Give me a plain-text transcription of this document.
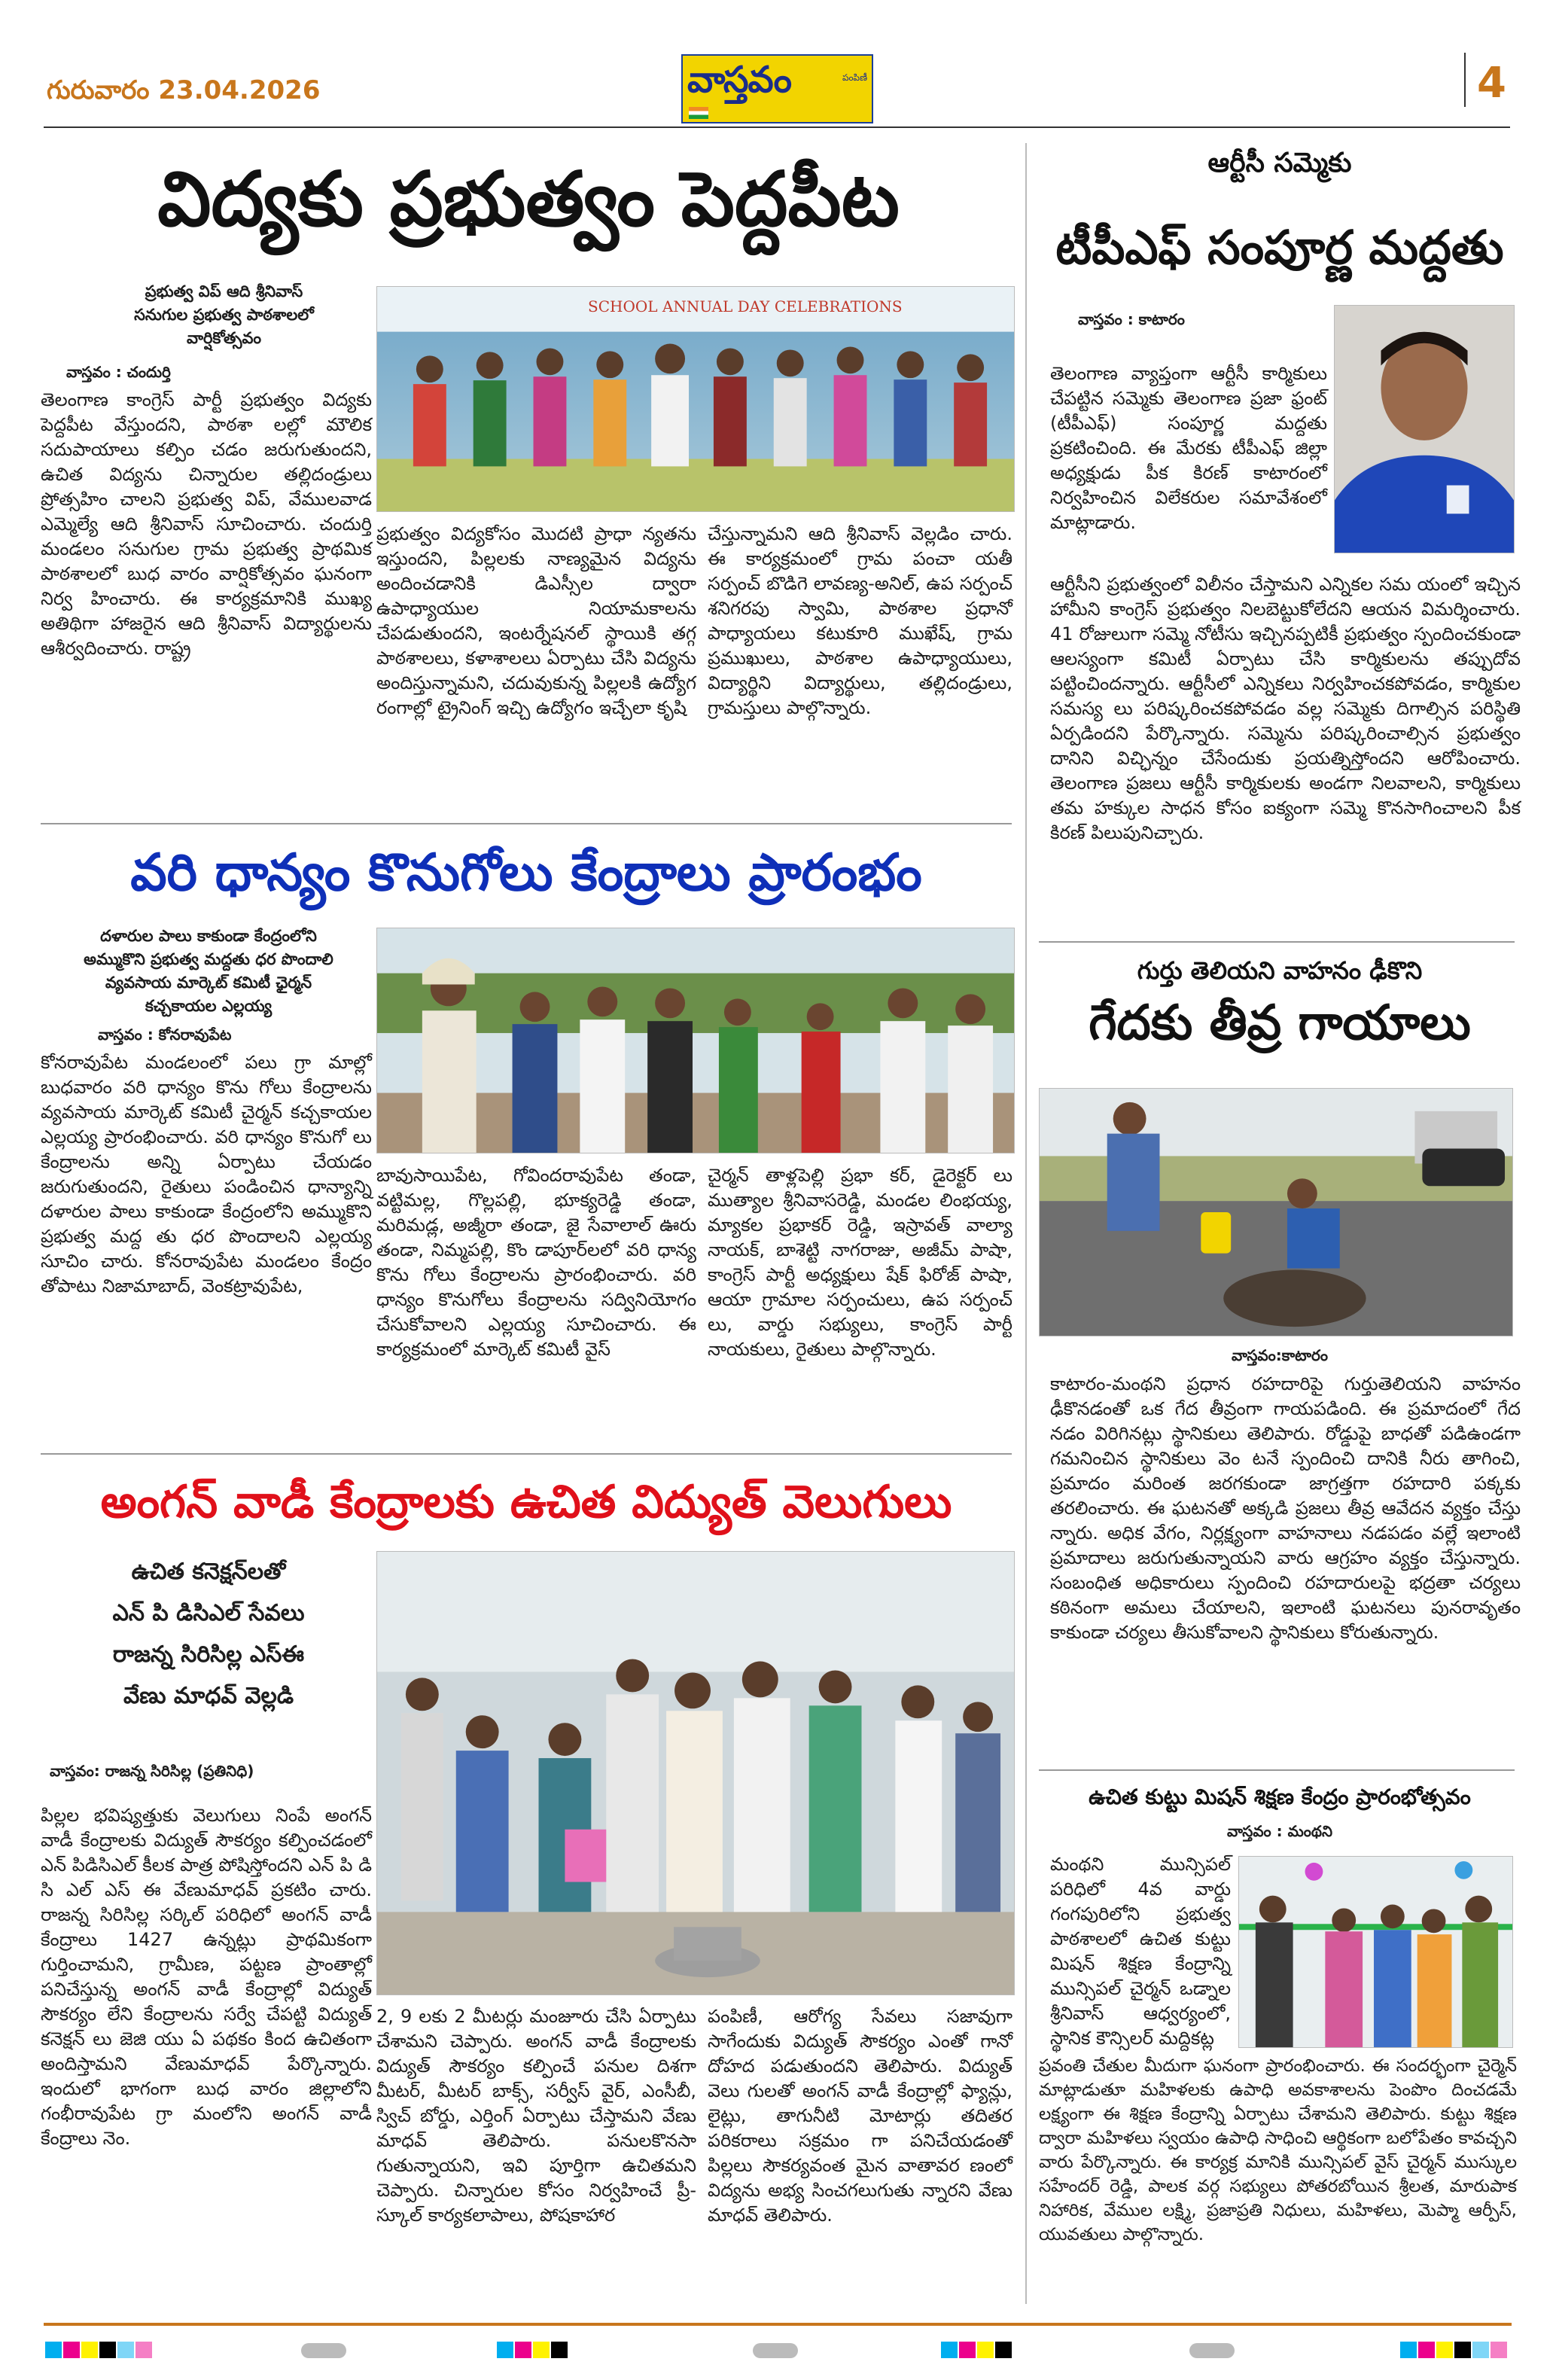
గురువారం 23.04.2026	వాస్తవం	పంపిణీ	4
విద్యకు ప్రభుత్వం పెద్దపీట
ప్రభుత్వ విప్ ఆది శ్రీనివాస్
సనుగుల ప్రభుత్వ పాఠశాలలో
వార్షికోత్సవం
వాస్తవం : చందుర్తి
SCHOOL ANNUAL DAY CELEBRATIONS
తెలంగాణ కాంగ్రెస్ పార్టీ ప్రభుత్వం విద్యకు పెద్దపీట వేస్తుందని, పాఠశా లల్లో మౌలిక సదుపాయాలు కల్పిం చడం జరుగుతుందని, ఉచిత విద్యను చిన్నారుల తల్లిదండ్రులు ప్రోత్సహిం చాలని ప్రభుత్వ విప్, వేములవాడ ఎమ్మెల్యే ఆది శ్రీనివాస్ సూచించారు. చందుర్తి మండలం సనుగుల గ్రామ ప్రభుత్వ ప్రాథమిక పాఠశాలలో బుధ వారం వార్షికోత్సవం ఘనంగా నిర్వ హించారు. ఈ కార్యక్రమానికి ముఖ్య అతిథిగా హాజరైన ఆది శ్రీనివాస్ విద్యార్థులను ఆశీర్వదించారు. రాష్ట్ర
ప్రభుత్వం విద్యకోసం మొదటి ప్రాధా న్యతను ఇస్తుందని, పిల్లలకు నాణ్యమైన విద్యను అందించడానికి డిఎస్సీల ద్వారా ఉపాధ్యాయుల నియామకాలను చేపడుతుందని, ఇంటర్నేషనల్ స్థాయికి తగ్గ పాఠశాలలు, కళాశాలలు ఏర్పాటు చేసి విద్యను అందిస్తున్నామని, చదువుకున్న పిల్లలకి ఉద్యోగ రంగాల్లో ట్రైనింగ్ ఇచ్చి ఉద్యోగం ఇచ్చేలా కృషి
చేస్తున్నామని ఆది శ్రీనివాస్ వెల్లడిం చారు. ఈ కార్యక్రమంలో గ్రామ పంచా యతీ సర్పంచ్ బొడిగె లావణ్య-అనిల్, ఉప సర్పంచ్ శనిగరపు స్వామి, పాఠశాల ప్రధానో పాధ్యాయలు కటుకూరి ముఖేష్, గ్రామ ప్రముఖులు, పాఠశాల ఉపాధ్యాయులు, విద్యార్థిని విద్యార్థులు, తల్లిదండ్రులు, గ్రామస్తులు పాల్గొన్నారు.
ఆర్టీసీ సమ్మెకు
టీపీఎఫ్ సంపూర్ణ మద్దతు
వాస్తవం : కాటారం
తెలంగాణ వ్యాప్తంగా ఆర్టీసీ కార్మికులు చేపట్టిన సమ్మెకు తెలంగాణ ప్రజా ఫ్రంట్ (టీపీఎఫ్) సంపూర్ణ మద్దతు ప్రకటించింది. ఈ మేరకు టీపీఎఫ్ జిల్లా అధ్యక్షుడు పీక కిరణ్ కాటారంలో నిర్వహించిన విలేకరుల సమావేశంలో మాట్లాడారు.
ఆర్టీసీని ప్రభుత్వంలో విలీనం చేస్తామని ఎన్నికల సమ యంలో ఇచ్చిన హామీని కాంగ్రెస్ ప్రభుత్వం నిలబెట్టుకోలేదని ఆయన విమర్శించారు. 41 రోజులుగా సమ్మె నోటీసు ఇచ్చినప్పటికీ ప్రభుత్వం స్పందించకుండా ఆలస్యంగా కమిటీ ఏర్పాటు చేసి కార్మికులను తప్పుదోవ పట్టించిందన్నారు. ఆర్టీసీలో ఎన్నికలు నిర్వహించకపోవడం, కార్మికుల సమస్య లు పరిష్కరించకపోవడం వల్ల సమ్మెకు దిగాల్సిన పరిస్థితి ఏర్పడిందని పేర్కొన్నారు. సమ్మెను పరిష్కరించాల్సిన ప్రభుత్వం దానిని విచ్ఛిన్నం చేసేందుకు ప్రయత్నిస్తోందని ఆరోపించారు. తెలంగాణ ప్రజలు ఆర్టీసీ కార్మికులకు అండగా నిలవాలని, కార్మికులు తమ హక్కుల సాధన కోసం ఐక్యంగా సమ్మె కొనసాగించాలని పీక కిరణ్ పిలుపునిచ్చారు.
వరి ధాన్యం కొనుగోలు కేంద్రాలు ప్రారంభం
దళారుల పాలు కాకుండా కేంద్రంలోని
అమ్ముకొని ప్రభుత్వ మద్దతు ధర పొందాలి
వ్యవసాయ మార్కెట్ కమిటీ ఛైర్మన్
కచ్చకాయల ఎల్లయ్య
వాస్తవం : కోనరావుపేట
కోనరావుపేట మండలంలో పలు గ్రా మాల్లో బుధవారం వరి ధాన్యం కొను గోలు కేంద్రాలను వ్యవసాయ మార్కెట్ కమిటీ చైర్మన్ కచ్చకాయల ఎల్లయ్య ప్రారంభించారు. వరి ధాన్యం కొనుగో లు కేంద్రాలను అన్ని ఏర్పాటు చేయడం జరుగుతుందని, రైతులు పండించిన ధాన్యాన్ని దళారుల పాలు కాకుండా కేంద్రంలోని అమ్ముకొని ప్రభుత్వ మద్ద తు ధర పొందాలని ఎల్లయ్య సూచిం చారు. కోనరావుపేట మండలం కేంద్రం తోపాటు నిజామాబాద్, వెంకట్రావుపేట,
బావుసాయిపేట, గోవిందరావుపేట తండా, వట్టిమల్ల, గొల్లపల్లి, భూక్యరెడ్డి తండా, మరిమడ్ల, అజ్మీరా తండా, జై సేవాలాల్ ఊరు తండా, నిమ్మపల్లి, కొం డాపూర్‌లలో వరి ధాన్య కొను గోలు కేంద్రాలను ప్రారంభించారు. వరి ధాన్యం కొనుగోలు కేంద్రాలను సద్వినియోగం చేసుకోవాలని ఎల్లయ్య సూచించారు. ఈ కార్యక్రమంలో మార్కెట్ కమిటీ వైస్
చైర్మన్ తాళ్లపెల్లి ప్రభా కర్, డైరెక్టర్ లు ముత్యాల శ్రీనివాసరెడ్డి, మండల లింభయ్య, మ్యాకల ప్రభాకర్ రెడ్డి, ఇస్రావత్ వాల్యా నాయక్, బాశెట్టి నాగరాజు, అజీమ్ పాషా, కాంగ్రెస్ పార్టీ అధ్యక్షులు షేక్ ఫిరోజ్ పాషా, ఆయా గ్రామాల సర్పంచులు, ఉప సర్పంచ్ లు, వార్డు సభ్యులు, కాంగ్రెస్ పార్టీ నాయకులు, రైతులు పాల్గొన్నారు.
గుర్తు తెలియని వాహనం ఢీకొని
గేదకు తీవ్ర గాయాలు
వాస్తవం:కాటారం
కాటారం-మంథని ప్రధాన రహదారిపై గుర్తుతెలియని వాహనం ఢీకొనడంతో ఒక గేద తీవ్రంగా గాయపడింది. ఈ ప్రమాదంలో గేద నడం విరిగినట్లు స్థానికులు తెలిపారు. రోడ్డుపై బాధతో పడిఉండగా గమనించిన స్థానికులు వెం టనే స్పందించి దానికి నీరు తాగించి, ప్రమాదం మరింత జరగకుండా జాగ్రత్తగా రహదారి పక్కకు తరలించారు. ఈ ఘటనతో అక్కడి ప్రజలు తీవ్ర ఆవేదన వ్యక్తం చేస్తు న్నారు. అధిక వేగం, నిర్లక్ష్యంగా వాహనాలు నడపడం వల్లే ఇలాంటి ప్రమాదాలు జరుగుతున్నాయని వారు ఆగ్రహం వ్యక్తం చేస్తున్నారు. సంబంధిత అధికారులు స్పందించి రహదారులపై భద్రతా చర్యలు కఠినంగా అమలు చేయాలని, ఇలాంటి ఘటనలు పునరావృతం కాకుండా చర్యలు తీసుకోవాలని స్థానికులు కోరుతున్నారు.
అంగన్ వాడీ కేంద్రాలకు ఉచిత విద్యుత్ వెలుగులు
ఉచిత కనెక్షన్‌లతో
ఎన్ పి డిసిఎల్ సేవలు
రాజన్న సిరిసిల్ల ఎస్ఈ
వేణు మాధవ్ వెల్లడి
వాస్తవం: రాజన్న సిరిసిల్ల (ప్రతినిధి)
పిల్లల భవిష్యత్తుకు వెలుగులు నింపే అంగన్ వాడీ కేంద్రాలకు విద్యుత్ సౌకర్యం కల్పించడంలో ఎన్ పిడిసిఎల్ కీలక పాత్ర పోషిస్తోందని ఎన్ పి డి సి ఎల్ ఎస్ ఈ వేణుమాధవ్ ప్రకటిం చారు. రాజన్న సిరిసిల్ల సర్కిల్ పరిధిలో అంగన్ వాడీ కేంద్రాలు 1427 ఉన్నట్లు ప్రాథమికంగా గుర్తించామని, గ్రామీణ, పట్టణ ప్రాంతాల్లో పనిచేస్తున్న అంగన్ వాడీ కేంద్రాల్లో విద్యుత్ సౌకర్యం లేని కేంద్రాలను సర్వే చేపట్టి విద్యుత్ కనెక్షన్ లు జెజి యు ఏ పథకం కింద ఉచితంగా అందిస్తామని వేణుమాధవ్ పేర్కొన్నారు. ఇందులో భాగంగా బుధ వారం జిల్లాలోని గంభీరావుపేట గ్రా మంలోని అంగన్ వాడీ కేంద్రాలు నెం.
2, 9 లకు 2 మీటర్లు మంజూరు చేసి ఏర్పాటు చేశామని చెప్పారు. అంగన్ వాడీ కేంద్రాలకు విద్యుత్ సౌకర్యం కల్పించే పనుల దిశగా మీటర్, మీటర్ బాక్స్, సర్వీస్ వైర్, ఎంసీబీ, స్విచ్ బోర్డు, ఎర్తింగ్ ఏర్పాటు చేస్తామని వేణు మాధవ్ తెలిపారు. పనులకొనసా గుతున్నాయని, ఇవి పూర్తిగా ఉచితమని చెప్పారు. చిన్నారుల కోసం నిర్వహించే ప్రీ-స్కూల్ కార్యకలాపాలు, పోషకాహార
పంపిణీ, ఆరోగ్య సేవలు సజావుగా సాగేందుకు విద్యుత్ సౌకర్యం ఎంతో గానో దోహద పడుతుందని తెలిపారు. విద్యుత్ వెలు గులతో అంగన్ వాడీ కేంద్రాల్లో ఫ్యాన్లు, లైట్లు, తాగునీటి మోటార్లు తదితర పరికరాలు సక్రమం గా పనిచేయడంతో పిల్లలు సౌకర్యవంత మైన వాతావర ణంలో విద్యను అభ్య సించగలుగుతు న్నారని వేణు మాధవ్ తెలిపారు.
ఉచిత కుట్టు మిషన్ శిక్షణ కేంద్రం ప్రారంభోత్సవం
వాస్తవం : మంథని
మంథని మున్సిపల్ పరిధిలో 4వ వార్డు గంగపురిలోని ప్రభుత్వ పాఠశాలలో ఉచిత కుట్టు మిషన్ శిక్షణ కేంద్రాన్ని మున్సిపల్ చైర్మన్ ఒడ్నాల శ్రీనివాస్ ఆధ్వర్యంలో, స్థానిక కౌన్సిలర్ మద్దికట్ల
ప్రవంతి చేతుల మీదుగా ఘనంగా ప్రారంభించారు. ఈ సందర్భంగా చైర్మెన్ మాట్లాడుతూ మహిళలకు ఉపాధి అవకాశాలను పెంపొం దించడమే లక్ష్యంగా ఈ శిక్షణ కేంద్రాన్ని ఏర్పాటు చేశామని తెలిపారు. కుట్టు శిక్షణ ద్వారా మహిళలు స్వయం ఉపాధి సాధించి ఆర్థికంగా బలోపేతం కావచ్చని వారు పేర్కొన్నారు. ఈ కార్యక్ర మానికి మున్సిపల్ వైస్ చైర్మన్ ముస్కుల సహేందర్ రెడ్డి, పాలక వర్గ సభ్యులు పోతరబోయిన శ్రీలత, మారుపాక నిహారిక, వేముల లక్ష్మి, ప్రజాప్రతి నిధులు, మహిళలు, మెప్మా ఆర్పీస్, యువతులు పాల్గొన్నారు.
